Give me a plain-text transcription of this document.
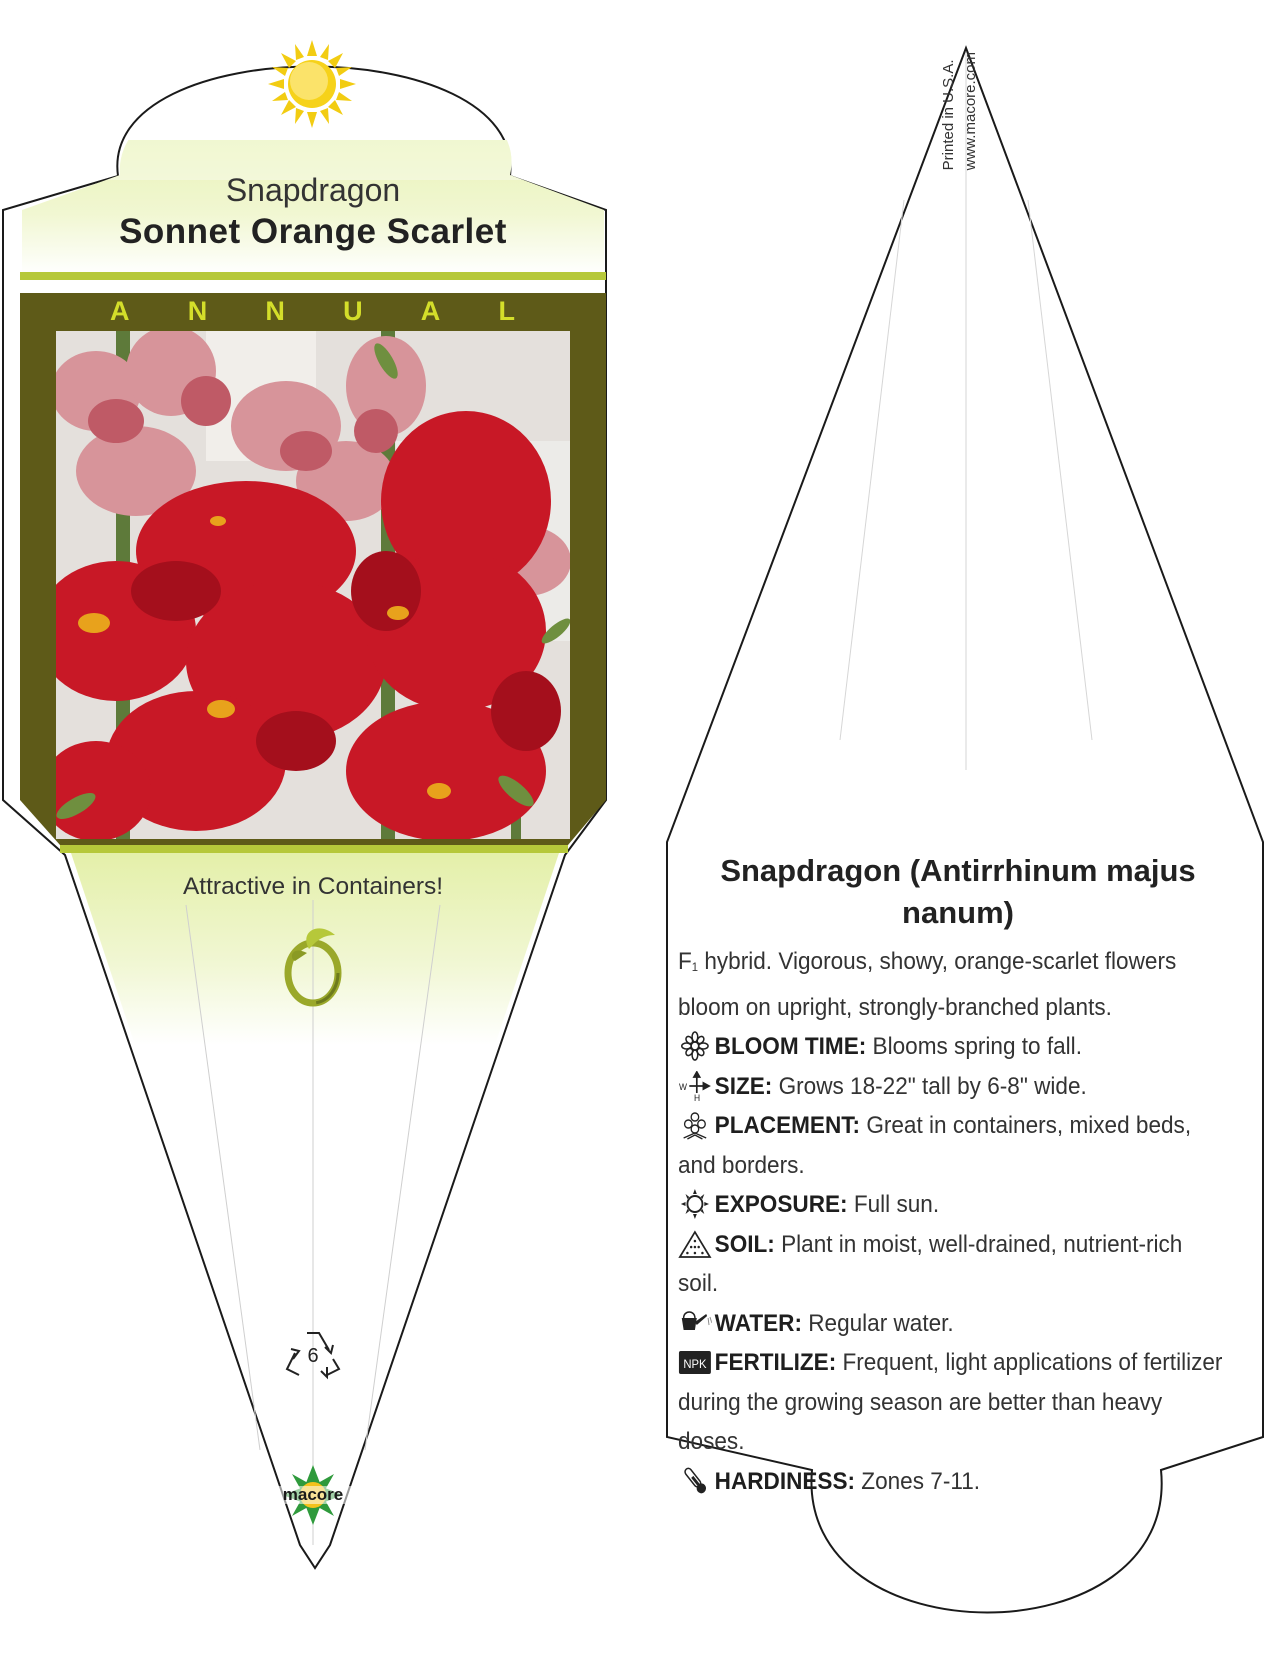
Snapdragon
Sonnet Orange Scarlet
A N N U A L
Attractive in Containers!
6
macore
Printed in U.S.A. www.macore.com
Snapdragon (Antirrhinum majus nanum)

F1 hybrid. Vigorous, showy, orange-scarlet flowers bloom on upright, strongly-branched plants.

BLOOM TIME: Blooms spring to fall.

W
H SIZE: Grows 18-22" tall by 6-8" wide.

PLACEMENT: Great in containers, mixed beds, and borders.

EXPOSURE: Full sun.

SOIL: Plant in moist, well-drained, nutrient-rich soil.

WATER: Regular water.

NPK FERTILIZE: Frequent, light applications of fertilizer during the growing season are better than heavy doses.

HARDINESS: Zones 7-11.
